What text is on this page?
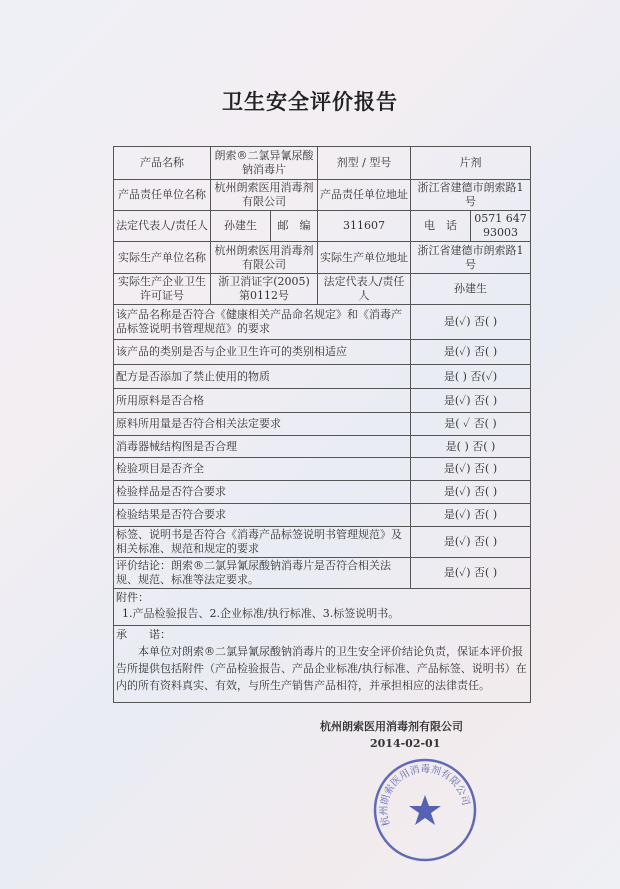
卫生安全评价报告
产品名称	朗索®二氯异氰尿酸钠消毒片		剂型 / 型号	片剂	
产品责任单位名称	杭州朗索医用消毒剂有限公司		产品责任单位地址	浙江省建德市朗索路1号	
法定代表人/责任人	孙建生	邮　编	311607	电　话	0571 64793003
实际生产单位名称	杭州朗索医用消毒剂有限公司		实际生产单位地址	浙江省建德市朗索路1号	
实际生产企业卫生许可证号	浙卫消证字(2005)第0112号		法定代表人/责任人	孙建生	
该产品名称是否符合《健康相关产品命名规定》和《消毒产品标签说明书管理规范》的要求				是(✓) 否( )	
该产品的类别是否与企业卫生许可的类别相适应				是(✓) 否( )	
配方是否添加了禁止使用的物质				是( ) 否(✓)	
所用原料是否合格				是(✓) 否( )	
原料所用量是否符合相关法定要求				是( ✓ 否( )	
消毒器械结构图是否合理				是( ) 否( )	
检验项目是否齐全				是(✓) 否( )	
检验样品是否符合要求				是(✓) 否( )	
检验结果是否符合要求				是(✓) 否( )	
标签、说明书是否符合《消毒产品标签说明书管理规范》及相关标准、规范和规定的要求				是(✓) 否( )	
评价结论：朗索®二氯异氰尿酸钠消毒片是否符合相关法规、规范、标准等法定要求。				是(✓) 否( )	

附件：
1.产品检验报告、2.企业标准/执行标准、3.标签说明书。					

承　　诺：

本单位对朗索®二氯异氰尿酸钠消毒片的卫生安全评价结论负责，保证本评价报告所提供包括附件（产品检验报告、产品企业标准/执行标准、产品标签、说明书）在内的所有资料真实、有效，与所生产销售产品相符，并承担相应的法律责任。					

杭州朗索医用消毒剂有限公司
2014-02-01
杭州朗索医用消毒剂有限公司
